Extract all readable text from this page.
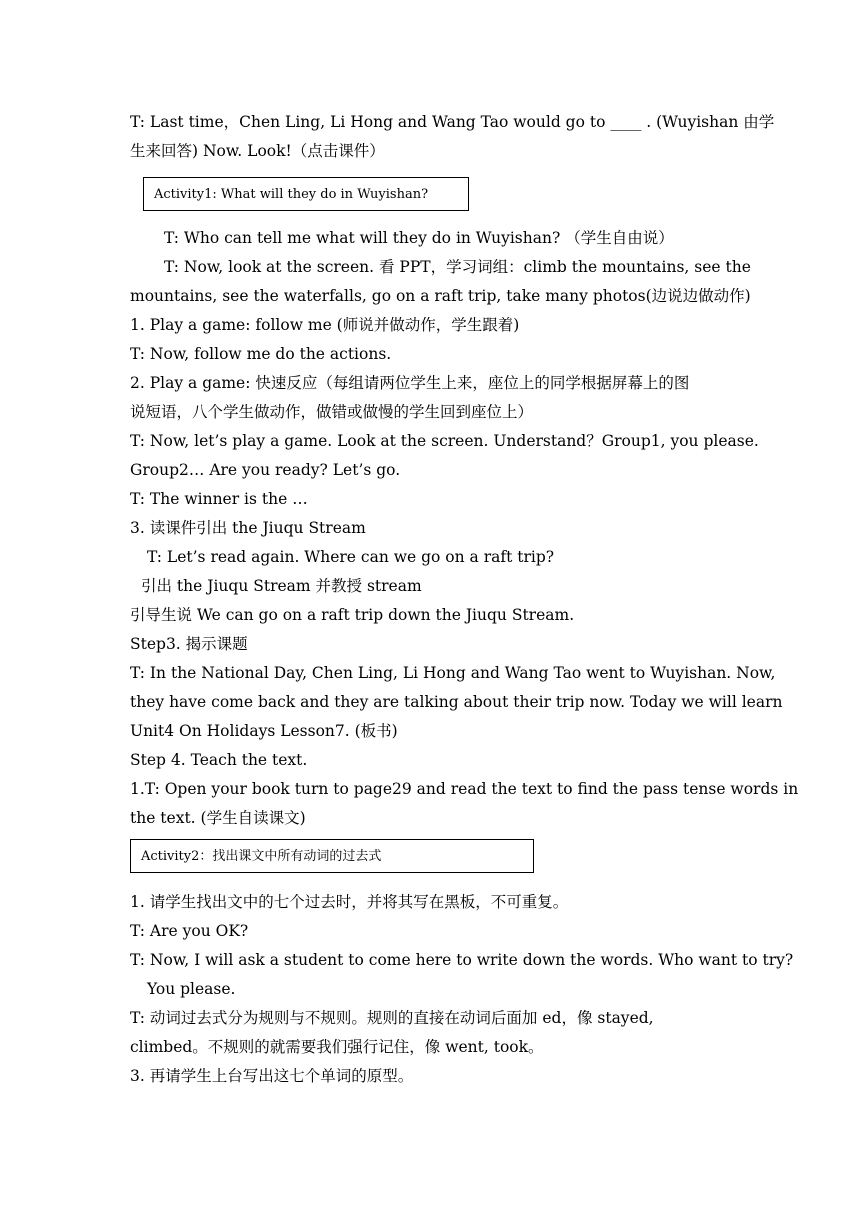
T: Last time，Chen Ling, Li Hong and Wang Tao would go to ____ . (Wuyishan 由学
生来回答) Now. Look!（点击课件）
Activity1: What will they do in Wuyishan?
T: Who can tell me what will they do in Wuyishan? （学生自由说）
T: Now, look at the screen. 看 PPT，学习词组：climb the mountains, see the
mountains, see the waterfalls, go on a raft trip, take many photos(边说边做动作)
1. Play a game: follow me (师说并做动作，学生跟着)
T: Now, follow me do the actions.
2. Play a game: 快速反应（每组请两位学生上来，座位上的同学根据屏幕上的图
说短语，八个学生做动作，做错或做慢的学生回到座位上）
T: Now, let’s play a game. Look at the screen. Understand？Group1, you please.
Group2… Are you ready? Let’s go.
T: The winner is the …
3. 读课件引出 the Jiuqu Stream
T: Let’s read again. Where can we go on a raft trip?
引出 the Jiuqu Stream 并教授 stream
引导生说 We can go on a raft trip down the Jiuqu Stream.
Step3. 揭示课题
T: In the National Day, Chen Ling, Li Hong and Wang Tao went to Wuyishan. Now,
they have come back and they are talking about their trip now. Today we will learn
Unit4 On Holidays Lesson7. (板书)
Step 4. Teach the text.
1.T: Open your book turn to page29 and read the text to find the pass tense words in
the text. (学生自读课文)
Activity2：找出课文中所有动词的过去式
1. 请学生找出文中的七个过去时，并将其写在黑板，不可重复。
T: Are you OK?
T: Now, I will ask a student to come here to write down the words. Who want to try?
You please.
T: 动词过去式分为规则与不规则。规则的直接在动词后面加 ed，像 stayed,
climbed。不规则的就需要我们强行记住，像 went, took。
3. 再请学生上台写出这七个单词的原型。
